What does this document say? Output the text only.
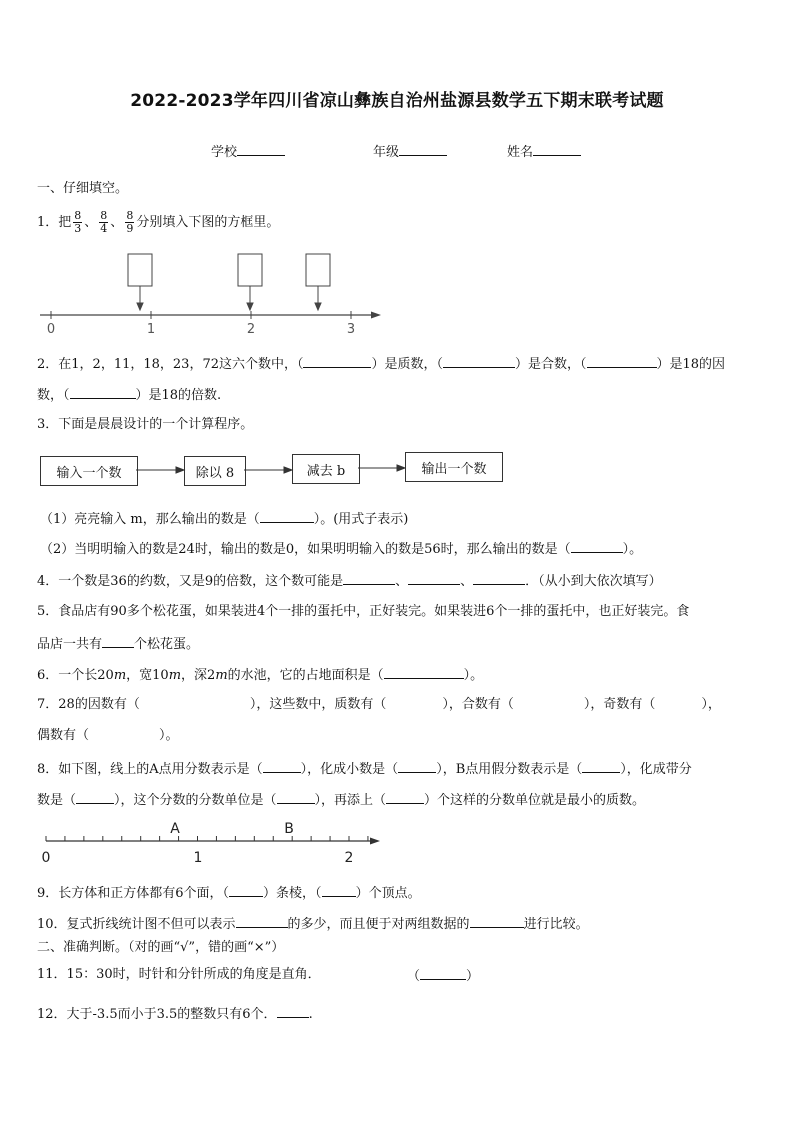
2022-2023学年四川省凉山彝族自治州盐源县数学五下期末联考试题
学校	年级	姓名
一、仔细填空。
1．把 $\frac{8}{3}$ 、 $\frac{8}{4}$ 、 $\frac{8}{9}$ 分别填入下图的方框里。
0	1	2	3
2．在1，2，11，18，23，72这六个数中，（	）是质数，（	）是合数，（	）是18的因
数，（	）是18的倍数.
3．下面是晨晨设计的一个计算程序。
输入一个数	除以 8	减去 b	输出一个数
（1）亮亮输入 m，那么输出的数是（	）。(用式子表示)
（2）当明明输入的数是24时，输出的数是0，如果明明输入的数是56时，那么输出的数是（	）。
4．一个数是36的约数，又是9的倍数，这个数可能是	、	、	．（从小到大依次填写）
5．食品店有90多个松花蛋，如果装进4个一排的蛋托中，正好装完。如果装进6个一排的蛋托中，也正好装完。食
品店一共有 个松花蛋。
6．一个长20m，宽10m，深2m的水池，它的占地面积是（	）。
7．28的因数有（	），这些数中，质数有（	），合数有（	），奇数有（	），
偶数有（	）。
8．如下图，线上的A点用分数表示是（	），化成小数是（	），B点用假分数表示是（	），化成带分
数是（	），这个分数的分数单位是（	），再添上（	）个这样的分数单位就是最小的质数。
A	B
0	1	2
9．长方体和正方体都有6个面，（	）条棱，（	）个顶点。
10．复式折线统计图不但可以表示	的多少，而且便于对两组数据的	进行比较。
二、准确判断。（对的画“√”，错的画“×”）
11．15：30时，时针和分针所成的角度是直角．	（	）
12．大于-3.5而小于3.5的整数只有6个． .
